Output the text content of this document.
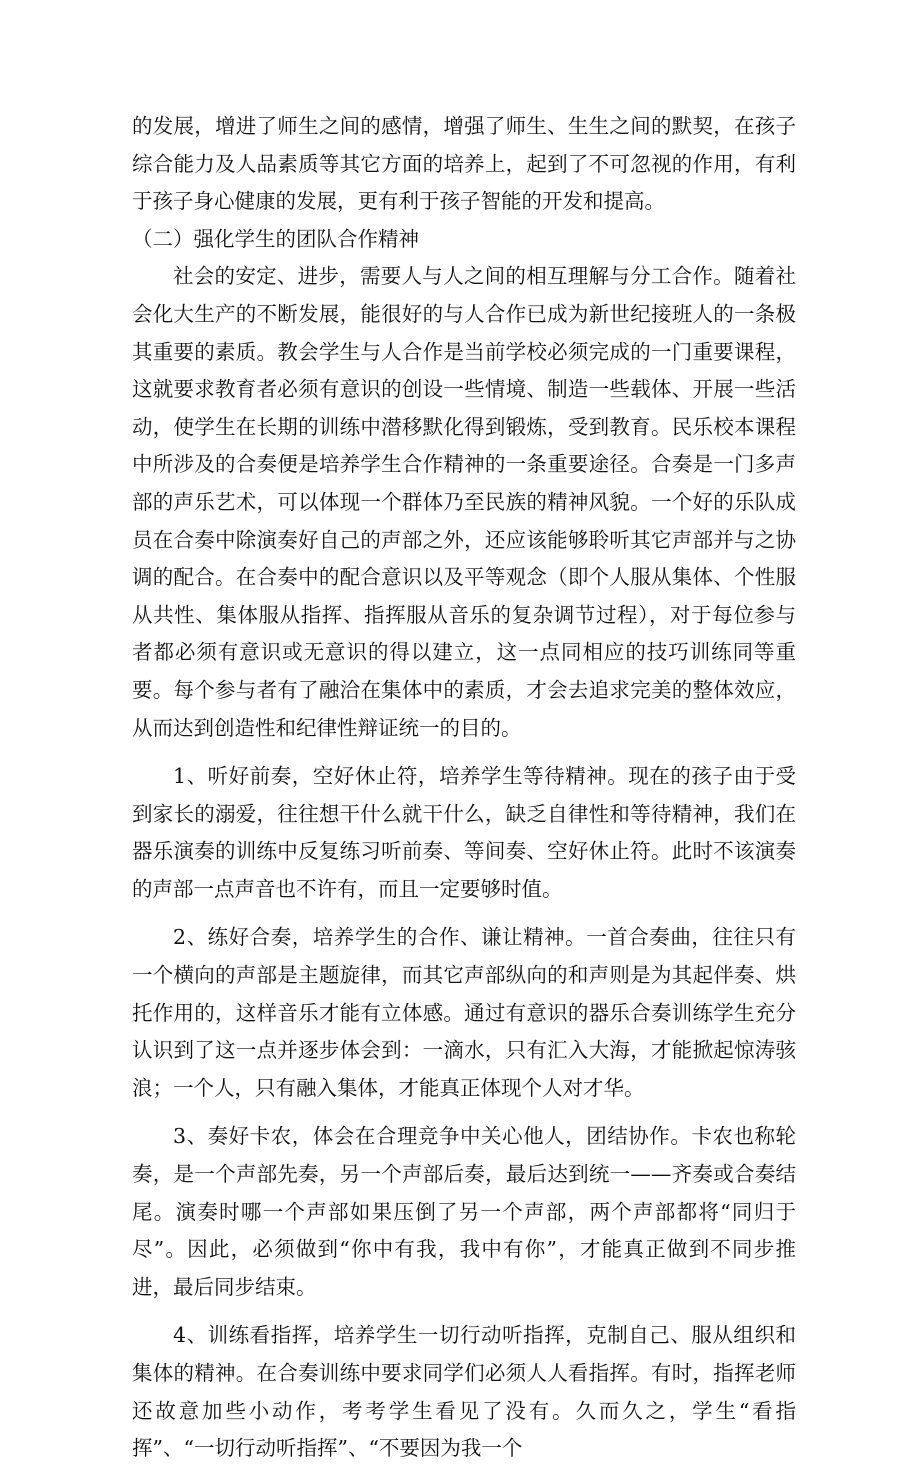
的发展，增进了师生之间的感情，增强了师生、生生之间的默契，在孩子综合能力及人品素质等其它方面的培养上，起到了不可忽视的作用，有利于孩子身心健康的发展，更有利于孩子智能的开发和提高。

（二）强化学生的团队合作精神

社会的安定、进步，需要人与人之间的相互理解与分工合作。随着社会化大生产的不断发展，能很好的与人合作已成为新世纪接班人的一条极其重要的素质。教会学生与人合作是当前学校必须完成的一门重要课程，这就要求教育者必须有意识的创设一些情境、制造一些载体、开展一些活动，使学生在长期的训练中潜移默化得到锻炼，受到教育。民乐校本课程中所涉及的合奏便是培养学生合作精神的一条重要途径。合奏是一门多声部的声乐艺术，可以体现一个群体乃至民族的精神风貌。一个好的乐队成员在合奏中除演奏好自己的声部之外，还应该能够聆听其它声部并与之协调的配合。在合奏中的配合意识以及平等观念（即个人服从集体、个性服从共性、集体服从指挥、指挥服从音乐的复杂调节过程），对于每位参与者都必须有意识或无意识的得以建立，这一点同相应的技巧训练同等重要。每个参与者有了融洽在集体中的素质，才会去追求完美的整体效应，从而达到创造性和纪律性辩证统一的目的。

1、听好前奏，空好休止符，培养学生等待精神。现在的孩子由于受到家长的溺爱，往往想干什么就干什么，缺乏自律性和等待精神，我们在器乐演奏的训练中反复练习听前奏、等间奏、空好休止符。此时不该演奏的声部一点声音也不许有，而且一定要够时值。

2、练好合奏，培养学生的合作、谦让精神。一首合奏曲，往往只有一个横向的声部是主题旋律，而其它声部纵向的和声则是为其起伴奏、烘托作用的，这样音乐才能有立体感。通过有意识的器乐合奏训练学生充分认识到了这一点并逐步体会到：一滴水，只有汇入大海，才能掀起惊涛骇浪；一个人，只有融入集体，才能真正体现个人对才华。

3、奏好卡农，体会在合理竞争中关心他人，团结协作。卡农也称轮奏，是一个声部先奏，另一个声部后奏，最后达到统一——齐奏或合奏结尾。演奏时哪一个声部如果压倒了另一个声部，两个声部都将“同归于尽”。因此，必须做到“你中有我，我中有你”，才能真正做到不同步推进，最后同步结束。

4、训练看指挥，培养学生一切行动听指挥，克制自己、服从组织和集体的精神。在合奏训练中要求同学们必须人人看指挥。有时，指挥老师还故意加些小动作，考考学生看见了没有。久而久之，学生“看指挥”、“一切行动听指挥”、“不要因为我一个
